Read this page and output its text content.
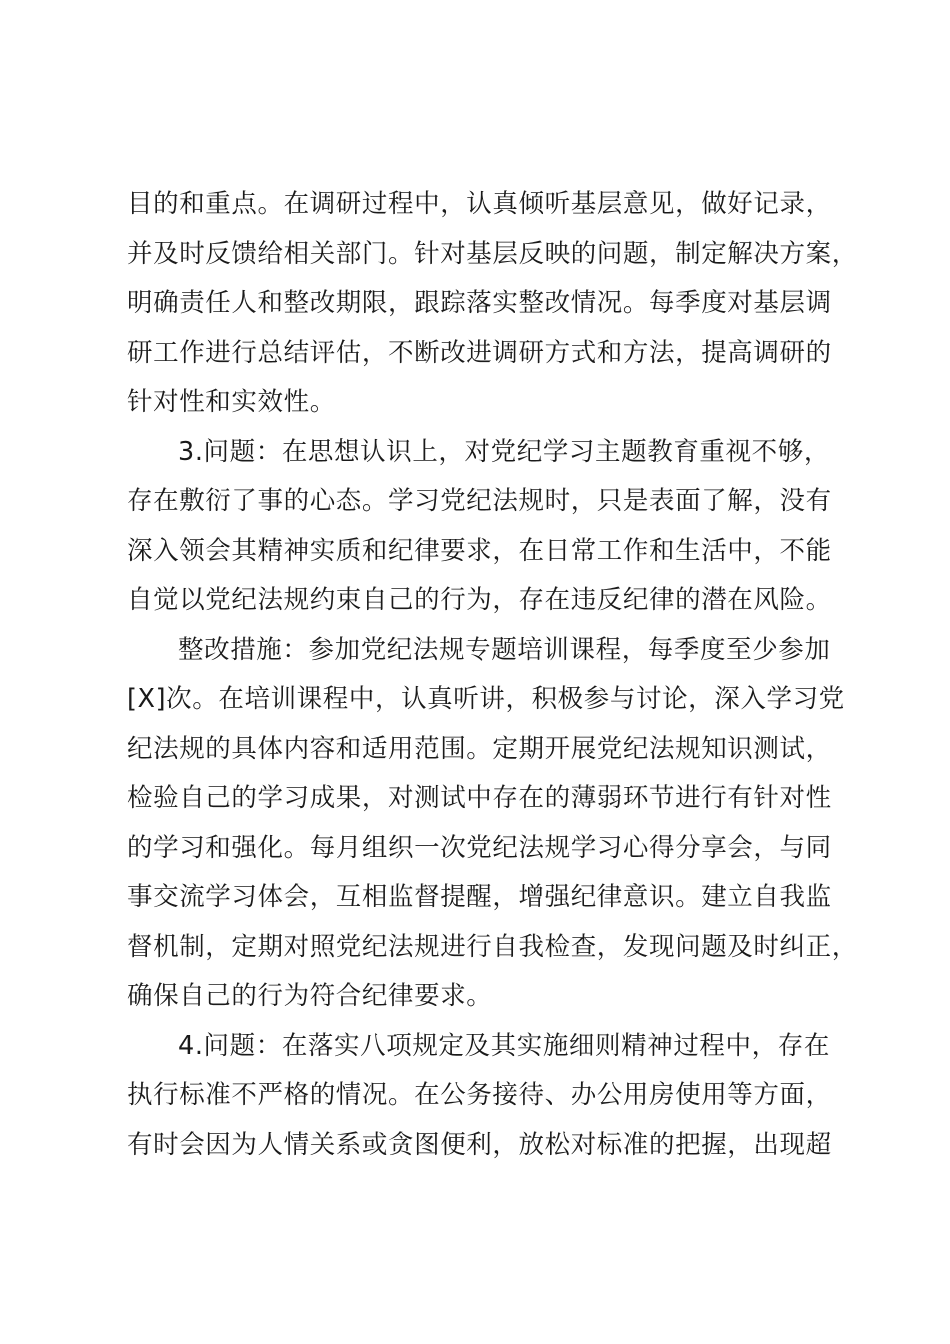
目的和重点。在调研过程中，认真倾听基层意见，做好记录，
并及时反馈给相关部门。针对基层反映的问题，制定解决方案，
明确责任人和整改期限，跟踪落实整改情况。每季度对基层调
研工作进行总结评估，不断改进调研方式和方法，提高调研的
针对性和实效性。
3.问题：在思想认识上，对党纪学习主题教育重视不够，
存在敷衍了事的心态。学习党纪法规时，只是表面了解，没有
深入领会其精神实质和纪律要求，在日常工作和生活中，不能
自觉以党纪法规约束自己的行为，存在违反纪律的潜在风险。
整改措施：参加党纪法规专题培训课程，每季度至少参加
[X]次。在培训课程中，认真听讲，积极参与讨论，深入学习党
纪法规的具体内容和适用范围。定期开展党纪法规知识测试，
检验自己的学习成果，对测试中存在的薄弱环节进行有针对性
的学习和强化。每月组织一次党纪法规学习心得分享会，与同
事交流学习体会，互相监督提醒，增强纪律意识。建立自我监
督机制，定期对照党纪法规进行自我检查，发现问题及时纠正，
确保自己的行为符合纪律要求。
4.问题：在落实八项规定及其实施细则精神过程中，存在
执行标准不严格的情况。在公务接待、办公用房使用等方面，
有时会因为人情关系或贪图便利，放松对标准的把握，出现超
